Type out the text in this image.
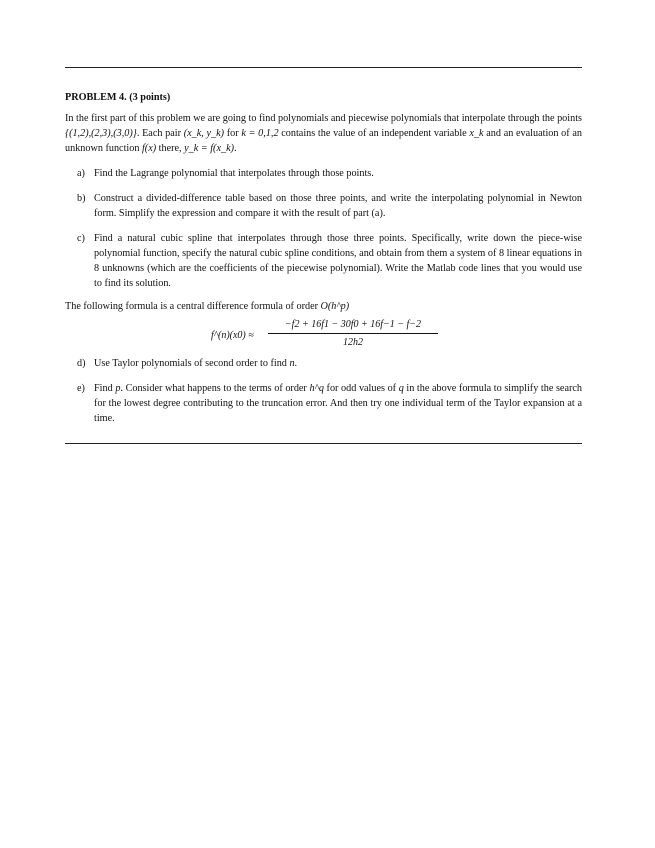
PROBLEM 4. (3 points)

In the first part of this problem we are going to find polynomials and piecewise polynomials that interpolate through the points {(1,2),(2,3),(3,0)}. Each pair (x_k, y_k) for k = 0,1,2 contains the value of an independent variable x_k and an evaluation of an unknown function f(x) there, y_k = f(x_k).

a) Find the Lagrange polynomial that interpolates through those points.
b) Construct a divided-difference table based on those three points, and write the interpolating polynomial in Newton form. Simplify the expression and compare it with the result of part (a).
c) Find a natural cubic spline that interpolates through those three points. Specifically, write down the piece-wise polynomial function, specify the natural cubic spline conditions, and obtain from them a system of 8 linear equations in 8 unknowns (which are the coefficients of the piecewise polynomial). Write the Matlab code lines that you would use to find its solution.

The following formula is a central difference formula of order O(h^p)

f^(n)(x0) ≈
−f2 + 16f1 − 30f0 + 16f−1 − f−2
12h2
d) Use Taylor polynomials of second order to find n.
e) Find p. Consider what happens to the terms of order h^q for odd values of q in the above formula to simplify the search for the lowest degree contributing to the truncation error. And then try one individual term of the Taylor expansion at a time.
